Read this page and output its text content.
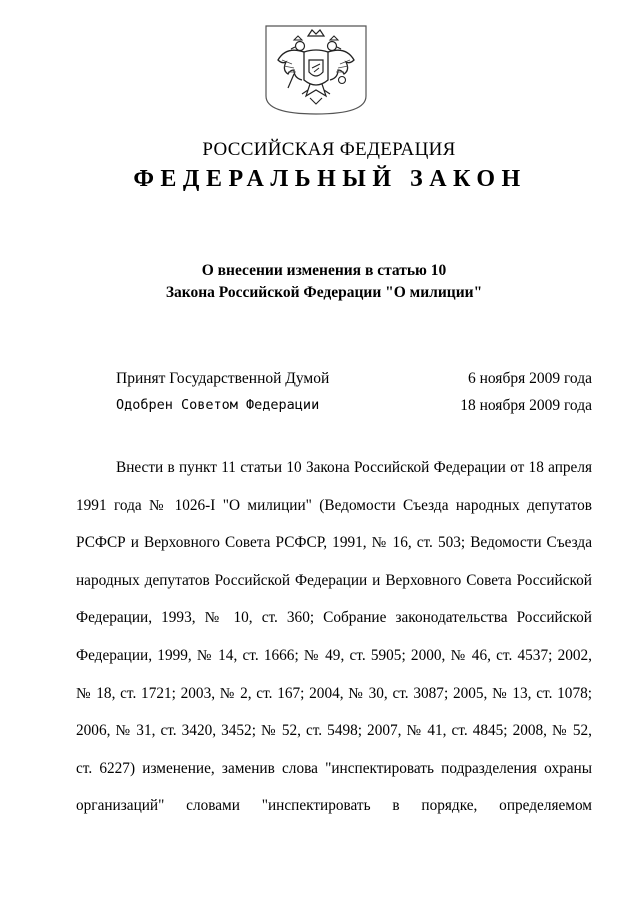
РОССИЙСКАЯ ФЕДЕРАЦИЯ
ФЕДЕРАЛЬНЫЙ ЗАКОН
О внесении изменения в статью 10
Закона Российской Федерации "О милиции"
Принят Государственной Думой	6 ноября 2009 года
Одобрен Советом Федерации	18 ноября 2009 года
Внести в пункт 11 статьи 10 Закона Российской Федерации от 18 апреля
1991 года № 1026-I "О милиции" (Ведомости Съезда народных депутатов
РСФСР и Верховного Совета РСФСР, 1991, № 16, ст. 503; Ведомости Съезда
народных депутатов Российской Федерации и Верховного Совета Российской
Федерации, 1993, № 10, ст. 360; Собрание законодательства Российской
Федерации, 1999, № 14, ст. 1666; № 49, ст. 5905; 2000, № 46, ст. 4537; 2002,
№ 18, ст. 1721; 2003, № 2, ст. 167; 2004, № 30, ст. 3087; 2005, № 13, ст. 1078;
2006, № 31, ст. 3420, 3452; № 52, ст. 5498; 2007, № 41, ст. 4845; 2008, № 52,
ст. 6227) изменение, заменив слова "инспектировать подразделения охраны
организаций" словами "инспектировать в порядке, определяемом
